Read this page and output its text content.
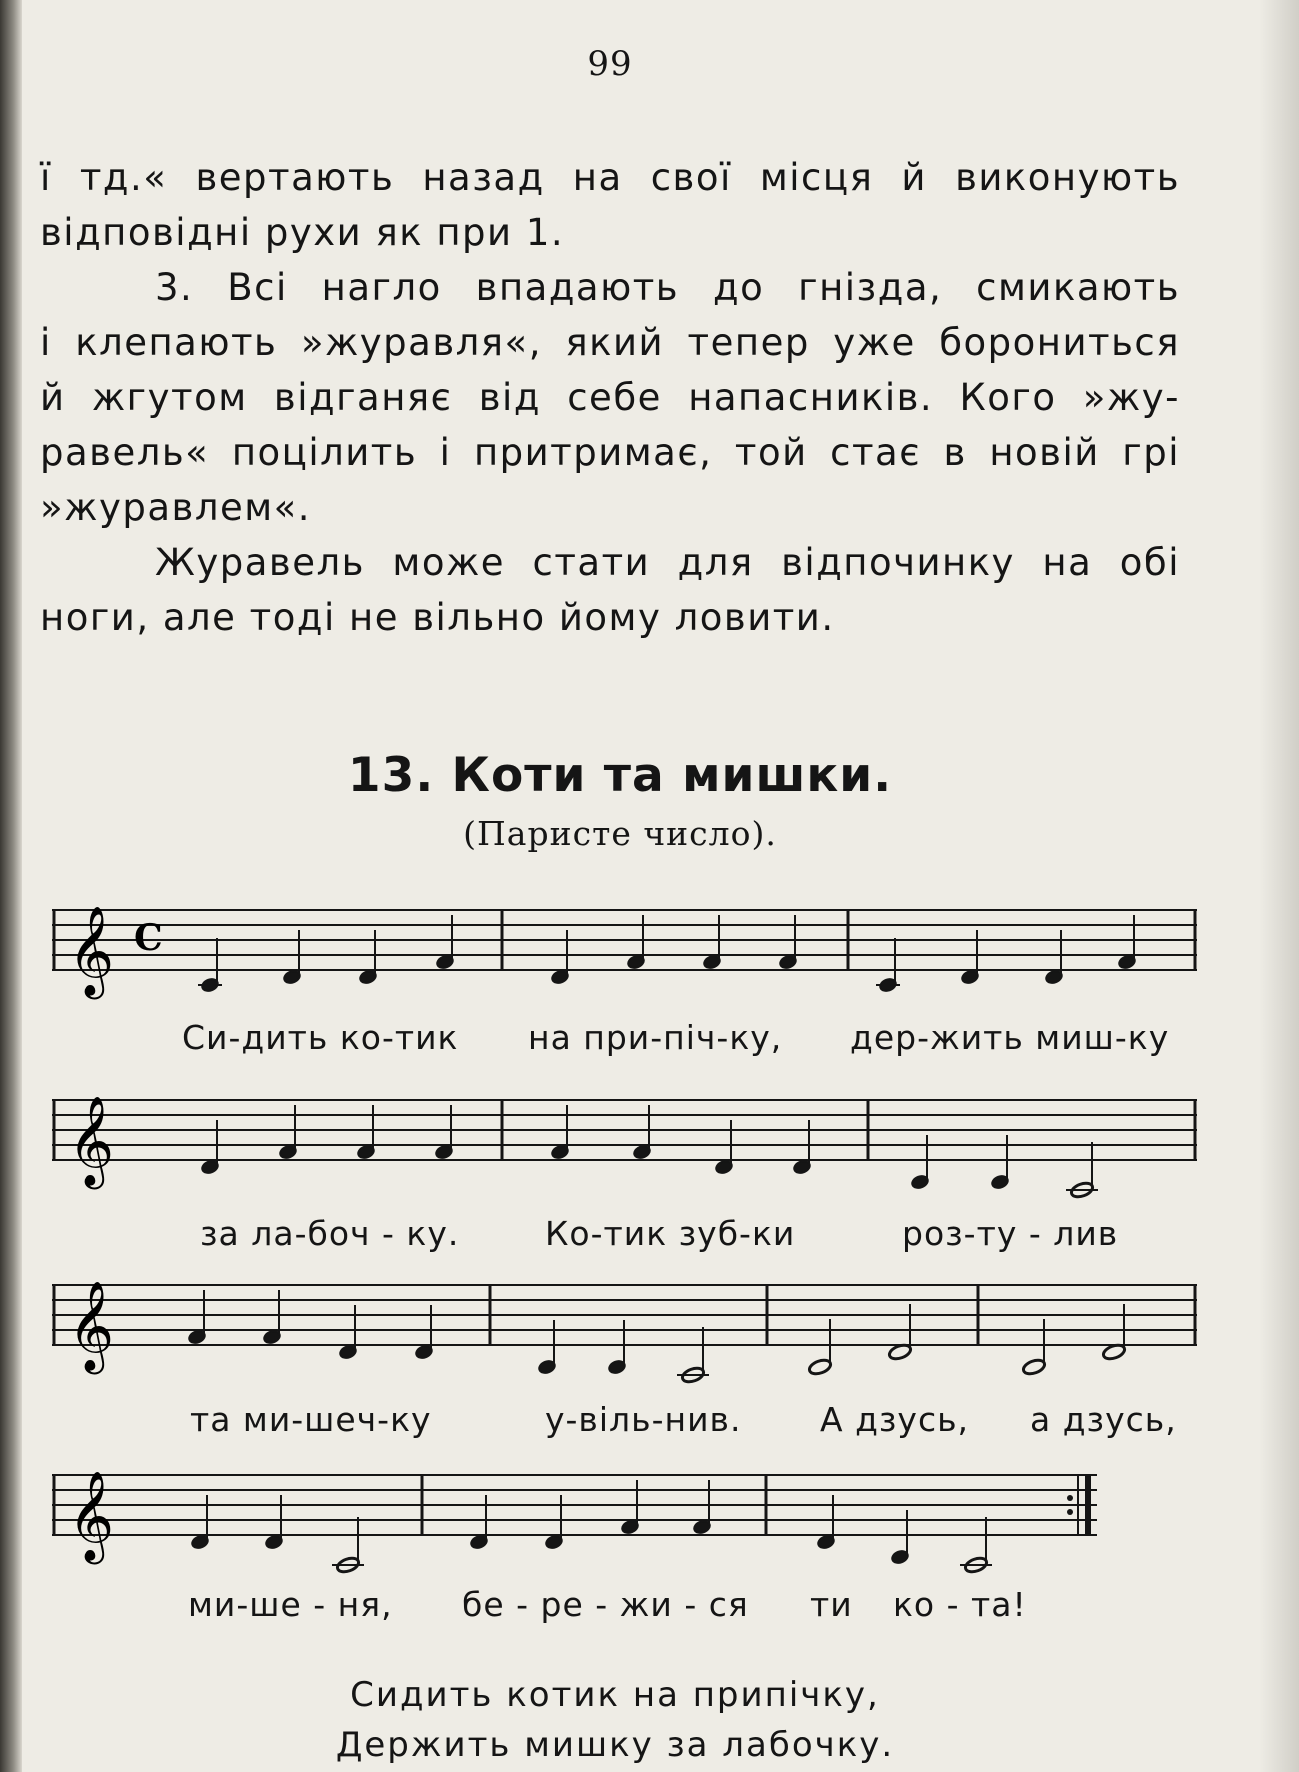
99
ї тд.« вертають назад на свої місця й виконують
відповідні рухи як при 1.
3. Всі нагло впадають до гнізда, смикають
і клепають »журавля«, який тепер уже борониться
й жгутом відганяє від себе напасників. Кого »жу-
равель« поцілить і притримає, той стає в новій грі
»журавлем«.
Журавель може стати для відпочинку на обі
ноги, але тоді не вільно йому ловити.
13. Коти та мишки.
(Паристе число).
𝄞 C
Си-дить ко-тик на при-піч-ку, дер-жить миш-ку
𝄞
за ла-боч - ку.	Ко-тик зуб-ки	роз-ту - лив
𝄞
та ми-шеч-ку	у-віль-нив. А дзусь, а дзусь,
𝄞
ми-ше - ня, бе - ре - жи - ся ти ко - та!
Сидить котик на припічку,
Держить мишку за лабочку.
